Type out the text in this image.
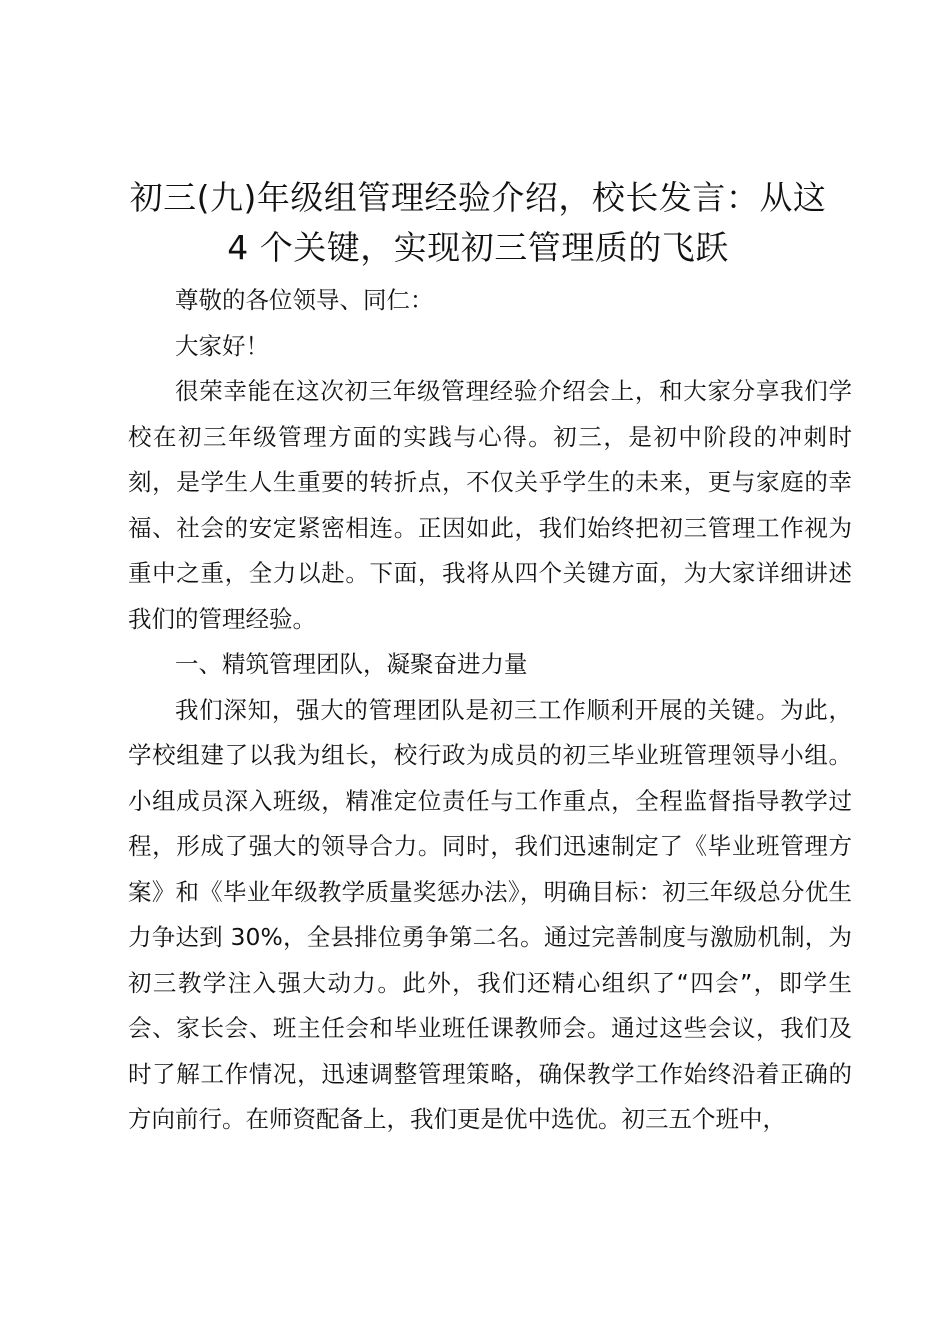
初三(九)年级组管理经验介绍，校长发言：从这 4 个关键，实现初三管理质的飞跃

尊敬的各位领导、同仁：

大家好！

很荣幸能在这次初三年级管理经验介绍会上，和大家分享我们学校在初三年级管理方面的实践与心得。初三，是初中阶段的冲刺时刻，是学生人生重要的转折点，不仅关乎学生的未来，更与家庭的幸福、社会的安定紧密相连。正因如此，我们始终把初三管理工作视为重中之重，全力以赴。下面，我将从四个关键方面，为大家详细讲述我们的管理经验。

一、精筑管理团队，凝聚奋进力量

我们深知，强大的管理团队是初三工作顺利开展的关键。为此，学校组建了以我为组长，校行政为成员的初三毕业班管理领导小组。小组成员深入班级，精准定位责任与工作重点，全程监督指导教学过程，形成了强大的领导合力。同时，我们迅速制定了《毕业班管理方案》和《毕业年级教学质量奖惩办法》，明确目标：初三年级总分优生力争达到 30%，全县排位勇争第二名。通过完善制度与激励机制，为初三教学注入强大动力。此外，我们还精心组织了“四会”，即学生会、家长会、班主任会和毕业班任课教师会。通过这些会议，我们及时了解工作情况，迅速调整管理策略，确保教学工作始终沿着正确的方向前行。在师资配备上，我们更是优中选优。初三五个班中，
